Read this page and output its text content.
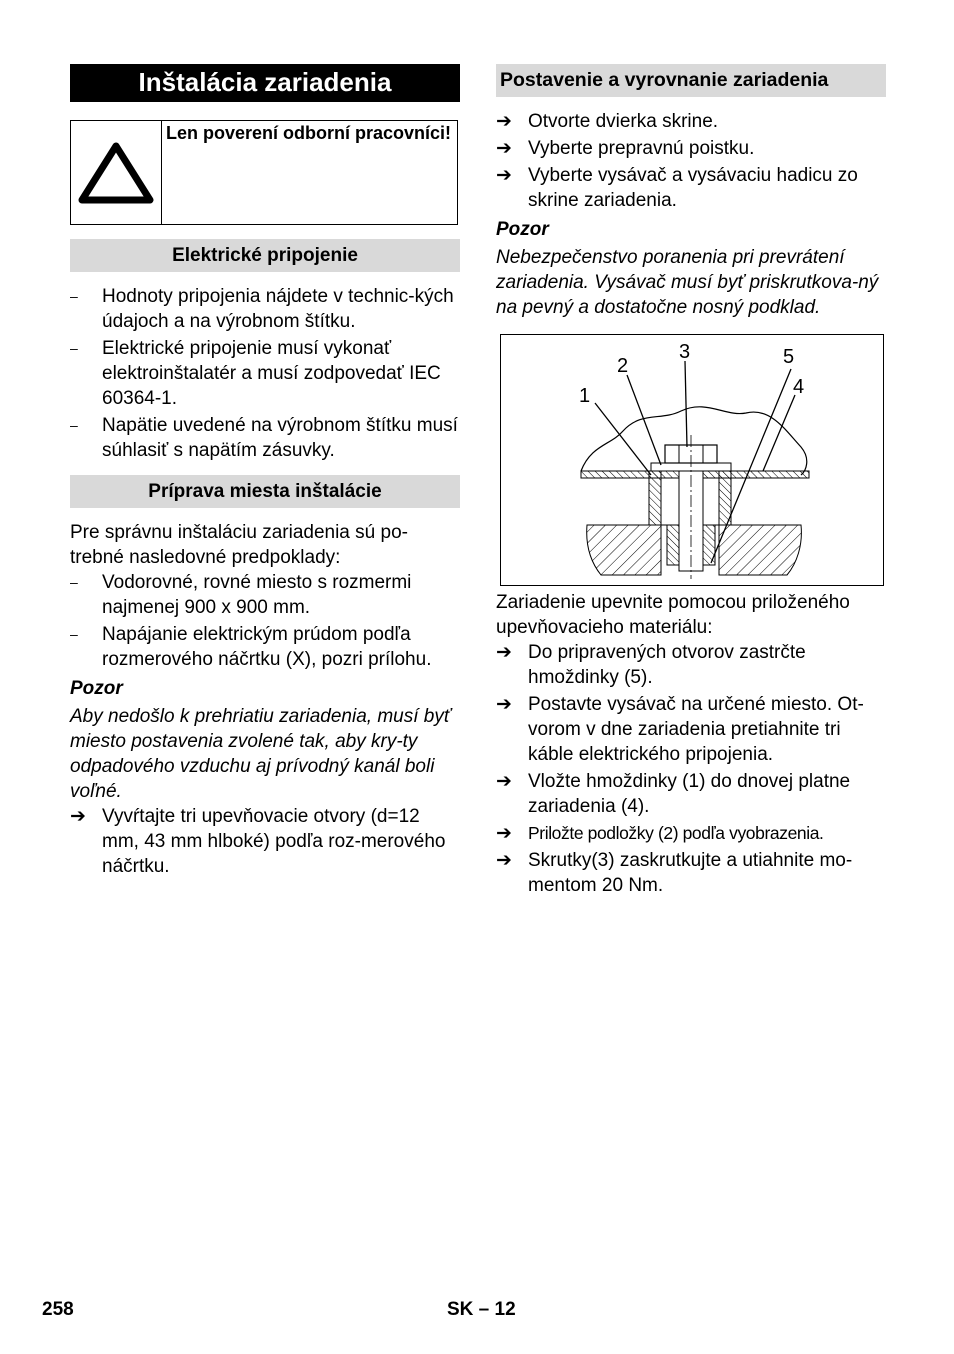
Inštalácia zariadenia
Len poverení odborní pracovníci!
Elektrické pripojenie
–	Hodnoty pripojenia nájdete v technic-kých údajoch a na výrobnom štítku.
–	Elektrické pripojenie musí vykonať elektroinštalatér a musí zodpovedať IEC 60364-1.
–	Napätie uvedené na výrobnom štítku musí súhlasiť s napätím zásuvky.
Príprava miesta inštalácie

Pre správnu inštaláciu zariadenia sú po-trebné nasledovné predpoklady:

–	Vodorovné, rovné miesto s rozmermi najmenej 900 x 900 mm.
–	Napájanie elektrickým prúdom podľa rozmerového náčrtku (X), pozri prílohu.

Pozor

Aby nedošlo k prehriatiu zariadenia, musí byť miesto postavenia zvolené tak, aby kry-ty odpadového vzduchu aj prívodný kanál boli voľné.

➔ Vyvŕtajte tri upevňovacie otvory (d=12 mm, 43 mm hlboké) podľa roz-merového náčrtku.
Postavenie a vyrovnanie zariadenia
➔ Otvorte dvierka skrine.
➔ Vyberte prepravnú poistku.
➔ Vyberte vysávač a vysávaciu hadicu zo skrine zariadenia.

Pozor

Nebezpečenstvo poranenia pri prevrátení zariadenia. Vysávač musí byť priskrutkova-ný na pevný a dostatočne nosný podklad.

1
2
3
4
5

Zariadenie upevnite pomocou priloženého upevňovacieho materiálu:

➔ Do pripravených otvorov zastrčte hmoždinky (5).
➔ Postavte vysávač na určené miesto. Ot-vorom v dne zariadenia pretiahnite tri káble elektrického pripojenia.
➔ Vložte hmoždinky (1) do dnovej platne zariadenia (4).
➔ Priložte podložky (2) podľa vyobrazenia.
➔ Skrutky(3) zaskrutkujte a utiahnite mo-mentom 20 Nm.
258	SK – 12
